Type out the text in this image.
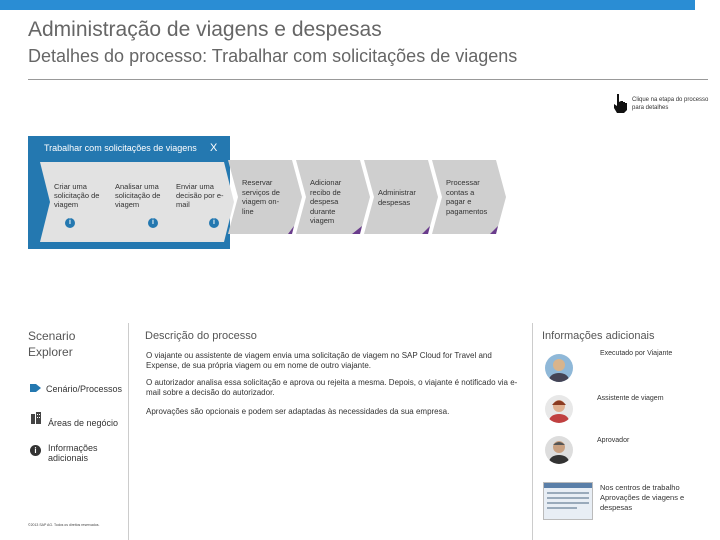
Administração de viagens e despesas
Detalhes do processo: Trabalhar com solicitações de viagens
Clique na etapa do processo para detalhes
Trabalhar com solicitações de viagens X
Criar uma solicitação de viagem
i
Analisar uma solicitação de viagem
i
Enviar uma decisão por e-mail
i
Reservar serviços de viagem on-line
Adicionar recibo de despesa durante viagem
Administrar despesas
Processar contas a pagar e pagamentos
Scenario Explorer
Cenário/Processos
Áreas de negócio
i	Informações adicionais
©2013 SAP AG. Todos os direitos reservados.
Descrição do processo
O viajante ou assistente de viagem envia uma solicitação de viagem no SAP Cloud for Travel and Expense, de sua própria viagem ou em nome de outro viajante.
O autorizador analisa essa solicitação e aprova ou rejeita a mesma. Depois, o viajante é notificado via e-mail sobre a decisão do autorizador.
Aprovações são opcionais e podem ser adaptadas às necessidades da sua empresa.
Informações adicionais
Executado por Viajante
Assistente de viagem
Aprovador
Nos centros de trabalho Aprovações de viagens e despesas
